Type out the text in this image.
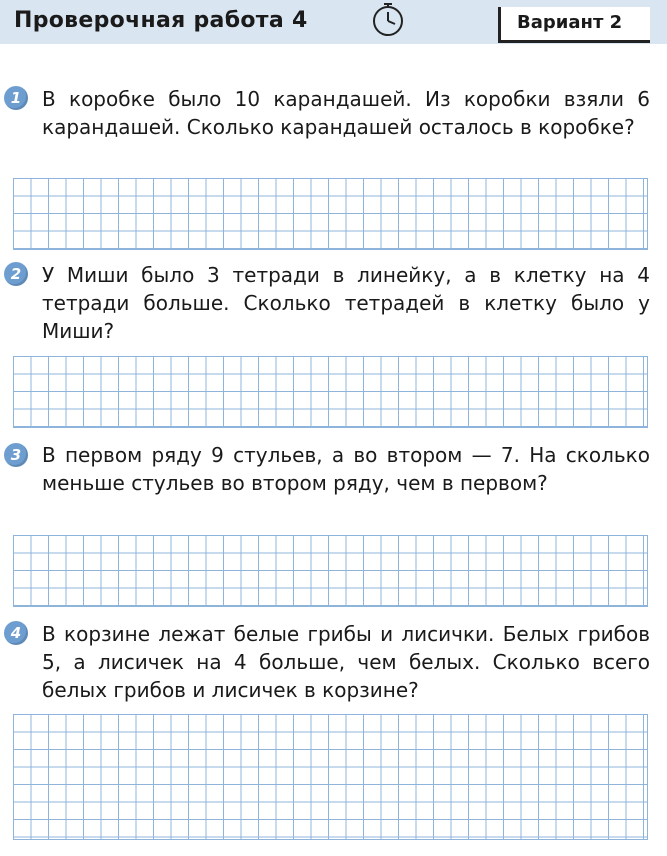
Проверочная работа 4	Вариант 2
1	В коробке было 10 карандашей. Из коробки взяли 6 карандашей. Сколько карандашей осталось в коробке?

2	У Миши было 3 тетради в линейку, а в клетку на 4 тетради больше. Сколько тетрадей в клетку было у Миши?

3	В первом ряду 9 стульев, а во втором — 7. На сколько меньше стульев во втором ряду, чем в первом?

4	В корзине лежат белые грибы и лисички. Белых грибов 5, а лисичек на 4 больше, чем белых. Сколько всего белых грибов и лисичек в корзине?
